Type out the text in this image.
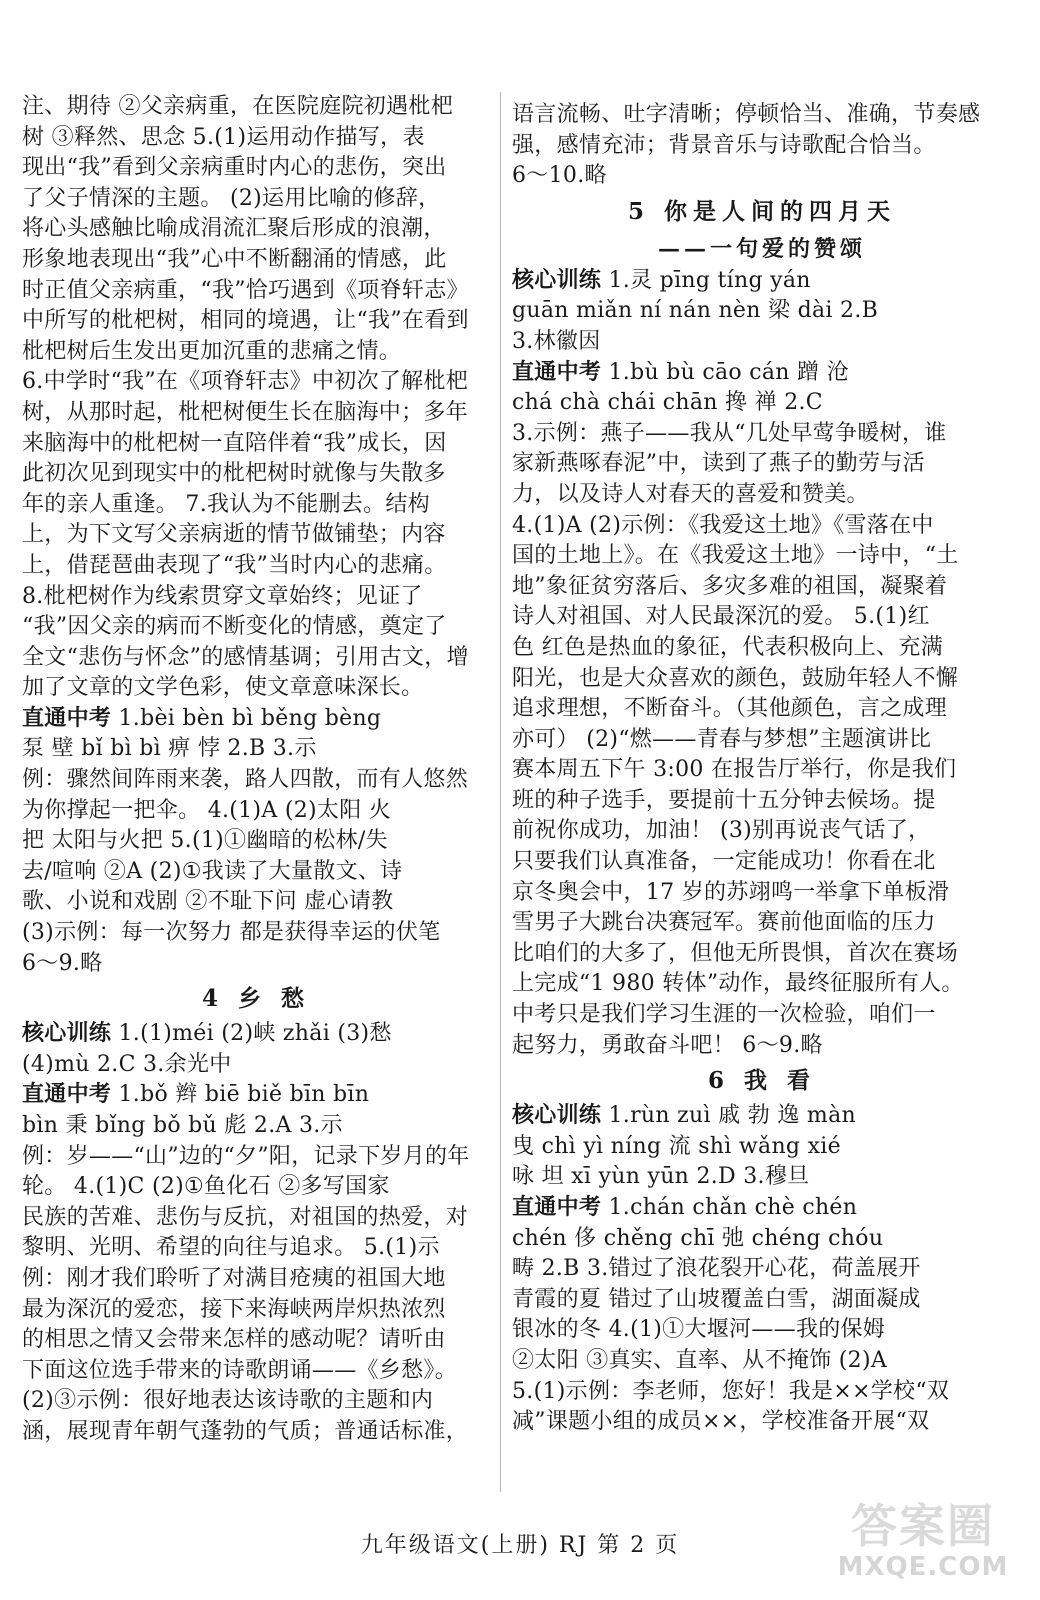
注、期待 ②父亲病重，在医院庭院初遇枇杷
树 ③释然、思念 5.(1)运用动作描写，表
现出“我”看到父亲病重时内心的悲伤，突出
了父子情深的主题。 (2)运用比喻的修辞，
将心头感触比喻成涓流汇聚后形成的浪潮，
形象地表现出“我”心中不断翻涌的情感，此
时正值父亲病重，“我”恰巧遇到《项脊轩志》
中所写的枇杷树，相同的境遇，让“我”在看到
枇杷树后生发出更加沉重的悲痛之情。
6.中学时“我”在《项脊轩志》中初次了解枇杷
树，从那时起，枇杷树便生长在脑海中；多年
来脑海中的枇杷树一直陪伴着“我”成长，因
此初次见到现实中的枇杷树时就像与失散多
年的亲人重逢。 7.我认为不能删去。结构
上，为下文写父亲病逝的情节做铺垫；内容
上，借琵琶曲表现了“我”当时内心的悲痛。
8.枇杷树作为线索贯穿文章始终；见证了
“我”因父亲的病而不断变化的情感，奠定了
全文“悲伤与怀念”的感情基调；引用古文，增
加了文章的文学色彩，使文章意味深长。
直通中考 1.bèi bèn bì běng bèng
泵 壁 bǐ bì bì 痹 悖 2.B 3.示
例：骤然间阵雨来袭，路人四散，而有人悠然
为你撑起一把伞。 4.(1)A (2)太阳 火
把 太阳与火把 5.(1)①幽暗的松林/失
去/喧响 ②A (2)①我读了大量散文、诗
歌、小说和戏剧 ②不耻下问 虚心请教
(3)示例：每一次努力 都是获得幸运的伏笔
6～9.略
4 乡 愁
核心训练 1.(1)méi (2)峡 zhǎi (3)愁
(4)mù 2.C 3.余光中
直通中考 1.bǒ 辫 biē biě bīn bīn
bìn 秉 bǐng bǒ bǔ 彪 2.A 3.示
例：岁——“山”边的“夕”阳，记录下岁月的年
轮。 4.(1)C (2)①鱼化石 ②多写国家
民族的苦难、悲伤与反抗，对祖国的热爱，对
黎明、光明、希望的向往与追求。 5.(1)示
例：刚才我们聆听了对满目疮痍的祖国大地
最为深沉的爱恋，接下来海峡两岸炽热浓烈
的相思之情又会带来怎样的感动呢？请听由
下面这位选手带来的诗歌朗诵——《乡愁》。
(2)③示例：很好地表达该诗歌的主题和内
涵，展现青年朝气蓬勃的气质；普通话标准，
语言流畅、吐字清晰；停顿恰当、准确，节奏感
强，感情充沛；背景音乐与诗歌配合恰当。
6～10.略
5 你是人间的四月天
——一句爱的赞颂
核心训练 1.灵 pīng tíng yán
guān miǎn ní nán nèn 梁 dài 2.B
3.林徽因
直通中考 1.bù bù cāo cán 蹭 沧
chá chà chái chān 搀 禅 2.C
3.示例：燕子——我从“几处早莺争暖树，谁
家新燕啄春泥”中，读到了燕子的勤劳与活
力，以及诗人对春天的喜爱和赞美。
4.(1)A (2)示例：《我爱这土地》《雪落在中
国的土地上》。在《我爱这土地》一诗中，“土
地”象征贫穷落后、多灾多难的祖国，凝聚着
诗人对祖国、对人民最深沉的爱。 5.(1)红
色 红色是热血的象征，代表积极向上、充满
阳光，也是大众喜欢的颜色，鼓励年轻人不懈
追求理想，不断奋斗。（其他颜色，言之成理
亦可） (2)“燃——青春与梦想”主题演讲比
赛本周五下午 3:00 在报告厅举行，你是我们
班的种子选手，要提前十五分钟去候场。提
前祝你成功，加油！ (3)别再说丧气话了，
只要我们认真准备，一定能成功！你看在北
京冬奥会中，17 岁的苏翊鸣一举拿下单板滑
雪男子大跳台决赛冠军。赛前他面临的压力
比咱们的大多了，但他无所畏惧，首次在赛场
上完成“1 980 转体”动作，最终征服所有人。
中考只是我们学习生涯的一次检验，咱们一
起努力，勇敢奋斗吧！ 6～9.略
6 我 看
核心训练 1.rùn zuì 戚 勃 逸 màn
曳 chì yì níng 流 shì wǎng xié
咏 坦 xī yùn yūn 2.D 3.穆旦
直通中考 1.chán chǎn chè chén
chén 侈 chěng chī 弛 chéng chóu
畴 2.B 3.错过了浪花裂开心花，荷盖展开
青霞的夏 错过了山坡覆盖白雪，湖面凝成
银冰的冬 4.(1)①大堰河——我的保姆
②太阳 ③真实、直率、从不掩饰 (2)A
5.(1)示例：李老师，您好！我是××学校“双
减”课题小组的成员××，学校准备开展“双
九年级语文(上册) RJ 第 2 页	答案圈
MXQE.COM
